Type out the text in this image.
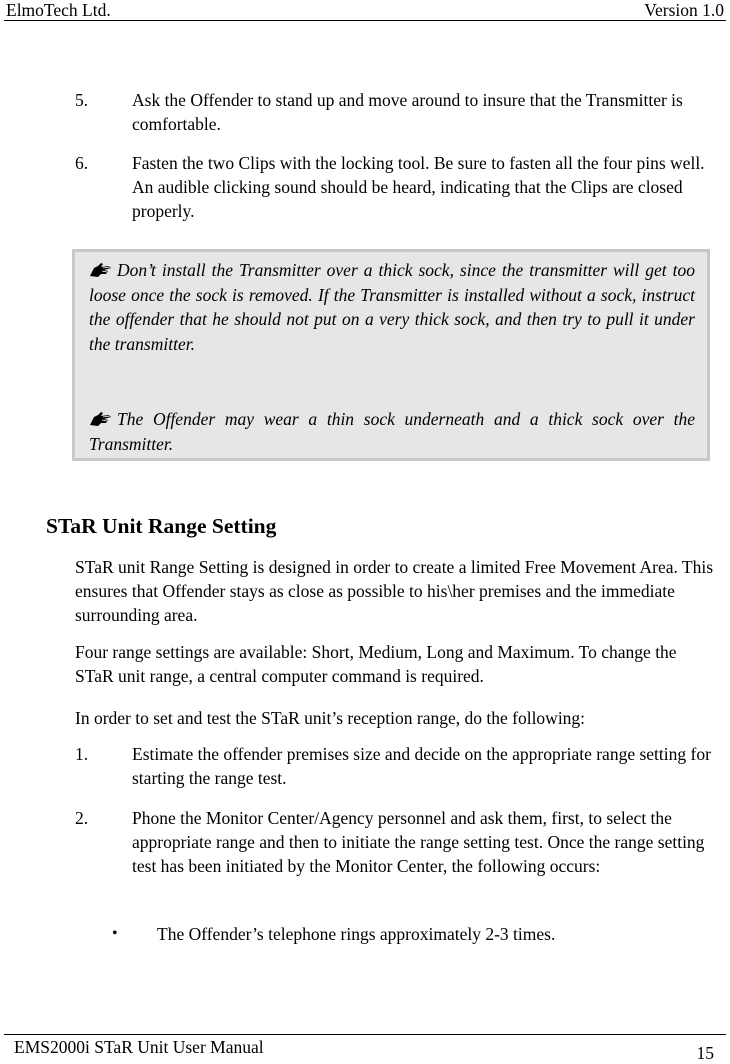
ElmoTech Ltd.	Version 1.0
5.	Ask the Offender to stand up and move around to insure that the Transmitter is comfortable.
6.	Fasten the two Clips with the locking tool. Be sure to fasten all the four pins well. An audible clicking sound should be heard, indicating that the Clips are closed properly.

Don’t install the Transmitter over a thick sock, since the transmitter will get too loose once the sock is removed. If the Transmitter is installed without a sock, instruct the offender that he should not put on a very thick sock, and then try to pull it under the transmitter.

The Offender may wear a thin sock underneath and a thick sock over the Transmitter.

STaR Unit Range Setting

STaR unit Range Setting is designed in order to create a limited Free Movement Area. This ensures that Offender stays as close as possible to his\her premises and the immediate surrounding area.

Four range settings are available: Short, Medium, Long and Maximum. To change the STaR unit range, a central computer command is required.

In order to set and test the STaR unit’s reception range, do the following:

1.	Estimate the offender premises size and decide on the appropriate range setting for starting the range test.
2.	Phone the Monitor Center/Agency personnel and ask them, first, to select the appropriate range and then to initiate the range setting test. Once the range setting test has been initiated by the Monitor Center, the following occurs:
•	The Offender’s telephone rings approximately 2-3 times.
EMS2000i STaR Unit User Manual	15
